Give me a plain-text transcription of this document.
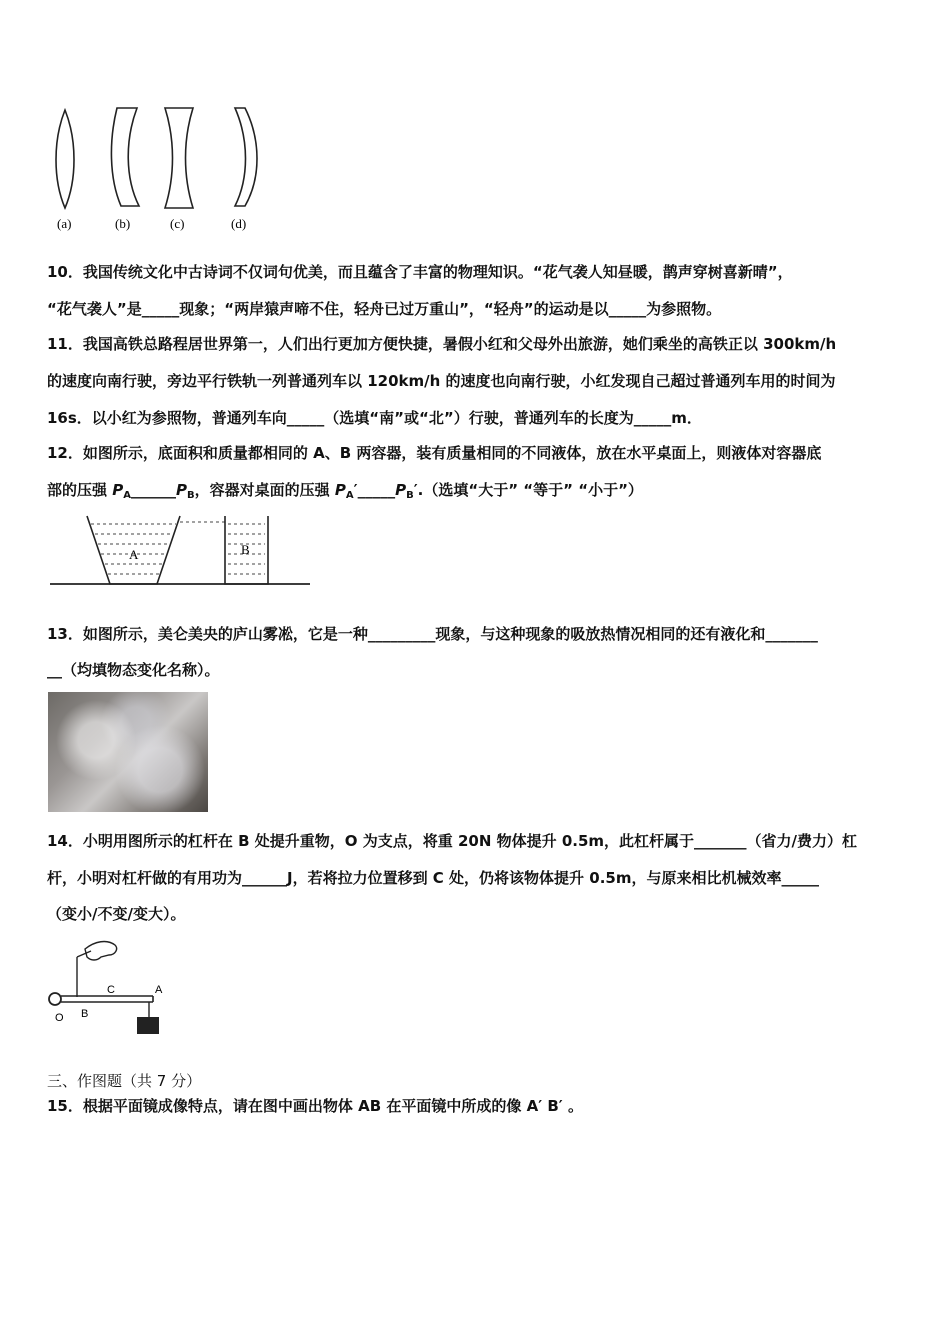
(a)	(b)	(c)	(d)
10．我国传统文化中古诗词不仅词句优美，而且蕴含了丰富的物理知识。“花气袭人知昼暖，鹊声穿树喜新晴”，
“花气袭人”是_____现象；“两岸猿声啼不住，轻舟已过万重山”，“轻舟”的运动是以_____为参照物。
11．我国高铁总路程居世界第一，人们出行更加方便快捷，暑假小红和父母外出旅游，她们乘坐的高铁正以 300km/h
的速度向南行驶，旁边平行铁轨一列普通列车以 120km/h 的速度也向南行驶，小红发现自己超过普通列车用的时间为
16s．以小红为参照物，普通列车向_____（选填“南”或“北”）行驶，普通列车的长度为_____m．
12．如图所示，底面积和质量都相同的 A、B 两容器，装有质量相同的不同液体，放在水平桌面上，则液体对容器底
部的压强 $P_A\_\_\_\_\_\_P_B$，容器对桌面的压强 $P_A'\_\_\_\_\_P_B'$.（选填“大于” “等于” “小于”）
A	B
13．如图所示，美仑美央的庐山雾凇，它是一种_________现象，与这种现象的吸放热情况相同的还有液化和_______
__（均填物态变化名称）。
14．小明用图所示的杠杆在 B 处提升重物，O 为支点，将重 20N 物体提升 0.5m，此杠杆属于_______（省力/费力）杠
杆，小明对杠杆做的有用功为______J，若将拉力位置移到 C 处，仍将该物体提升 0.5m，与原来相比机械效率_____
（变小/不变/变大）。
O B
C	A
三、作图题（共 7 分）
15．根据平面镜成像特点，请在图中画出物体 AB 在平面镜中所成的像 A′ B′ 。
